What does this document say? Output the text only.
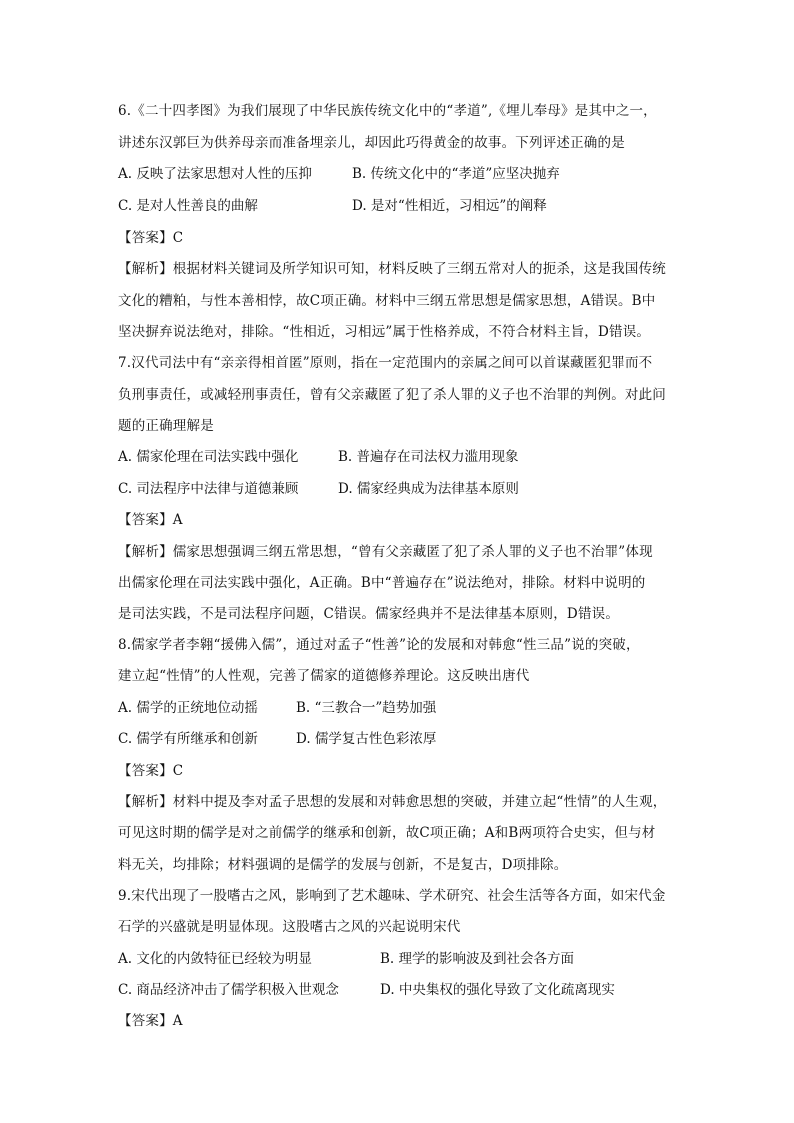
6.《二十四孝图》为我们展现了中华民族传统文化中的“孝道”,《埋儿奉母》是其中之一，
讲述东汉郭巨为供养母亲而准备埋亲儿，却因此巧得黄金的故事。下列评述正确的是
A. 反映了法家思想对人性的压抑	B. 传统文化中的“孝道”应坚决抛弃
C. 是对人性善良的曲解	D. 是对“性相近，习相远”的阐释
【答案】C
【解析】根据材料关键词及所学知识可知，材料反映了三纲五常对人的扼杀，这是我国传统
文化的糟粕，与性本善相悖，故C项正确。材料中三纲五常思想是儒家思想，A错误。B中
坚决摒弃说法绝对，排除。“性相近，习相远”属于性格养成，不符合材料主旨，D错误。
7.汉代司法中有“亲亲得相首匿”原则，指在一定范围内的亲属之间可以首谋藏匿犯罪而不
负刑事责任，或减轻刑事责任，曾有父亲藏匿了犯了杀人罪的义子也不治罪的判例。对此问
题的正确理解是
A. 儒家伦理在司法实践中强化	B. 普遍存在司法权力滥用现象
C. 司法程序中法律与道德兼顾	D. 儒家经典成为法律基本原则
【答案】A
【解析】儒家思想强调三纲五常思想，“曾有父亲藏匿了犯了杀人罪的义子也不治罪”体现
出儒家伦理在司法实践中强化，A正确。B中“普遍存在”说法绝对，排除。材料中说明的
是司法实践，不是司法程序问题，C错误。儒家经典并不是法律基本原则，D错误。
8.儒家学者李翱“援佛入儒”，通过对孟子“性善”论的发展和对韩愈“性三品”说的突破，
建立起“性情”的人性观，完善了儒家的道德修养理论。这反映出唐代
A. 儒学的正统地位动摇	B. “三教合一”趋势加强
C. 儒学有所继承和创新	D. 儒学复古性色彩浓厚
【答案】C
【解析】材料中提及李对孟子思想的发展和对韩愈思想的突破，并建立起“性情”的人生观，
可见这时期的儒学是对之前儒学的继承和创新，故C项正确；A和B两项符合史实，但与材
料无关，均排除；材料强调的是儒学的发展与创新，不是复古，D项排除。
9.宋代出现了一股嗜古之风，影响到了艺术趣味、学术研究、社会生活等各方面，如宋代金
石学的兴盛就是明显体现。这股嗜古之风的兴起说明宋代
A. 文化的内敛特征已经较为明显	B. 理学的影响波及到社会各方面
C. 商品经济冲击了儒学积极入世观念	D. 中央集权的强化导致了文化疏离现实
【答案】A
